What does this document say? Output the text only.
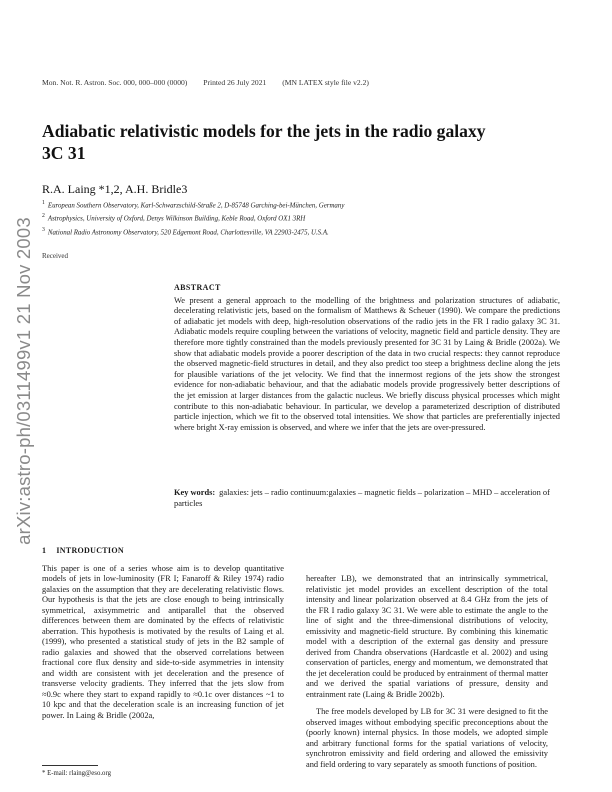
arXiv:astro-ph/0311499v1 21 Nov 2003
Mon. Not. R. Astron. Soc. 000, 000–000 (0000) Printed 26 July 2021 (MN LATEX style file v2.2)
Adiabatic relativistic models for the jets in the radio galaxy 3C 31
R.A. Laing *1,2, A.H. Bridle3
$^1$ European Southern Observatory, Karl-Schwarzschild-Straße 2, D-85748 Garching-bei-München, Germany
$^2$ Astrophysics, University of Oxford, Denys Wilkinson Building, Keble Road, Oxford OX1 3RH
$^3$ National Radio Astronomy Observatory, 520 Edgemont Road, Charlottesville, VA 22903-2475, U.S.A.
Received
ABSTRACT
We present a general approach to the modelling of the brightness and polarization structures of adiabatic, decelerating relativistic jets, based on the formalism of Matthews & Scheuer (1990). We compare the predictions of adiabatic jet models with deep, high-resolution observations of the radio jets in the FR I radio galaxy 3C 31. Adiabatic models require coupling between the variations of velocity, magnetic field and particle density. They are therefore more tightly constrained than the models previously presented for 3C 31 by Laing & Bridle (2002a). We show that adiabatic models provide a poorer description of the data in two crucial respects: they cannot reproduce the observed magnetic-field structures in detail, and they also predict too steep a brightness decline along the jets for plausible variations of the jet velocity. We find that the innermost regions of the jets show the strongest evidence for non-adiabatic behaviour, and that the adiabatic models provide progressively better descriptions of the jet emission at larger distances from the galactic nucleus. We briefly discuss physical processes which might contribute to this non-adiabatic behaviour. In particular, we develop a parameterized description of distributed particle injection, which we fit to the observed total intensities. We show that particles are preferentially injected where bright X-ray emission is observed, and where we infer that the jets are over-pressured.
Key words: galaxies: jets – radio continuum:galaxies – magnetic fields – polarization – MHD – acceleration of particles
1 INTRODUCTION

This paper is one of a series whose aim is to develop quantitative models of jets in low-luminosity (FR I; Fanaroff & Riley 1974) radio galaxies on the assumption that they are decelerating relativistic flows. Our hypothesis is that the jets are close enough to being intrinsically symmetrical, axisymmetric and antiparallel that the observed differences between them are dominated by the effects of relativistic aberration. This hypothesis is motivated by the results of Laing et al. (1999), who presented a statistical study of jets in the B2 sample of radio galaxies and showed that the observed correlations between fractional core flux density and side-to-side asymmetries in intensity and width are consistent with jet deceleration and the presence of transverse velocity gradients. They inferred that the jets slow from ≈0.9c where they start to expand rapidly to ≈0.1c over distances ~1 to 10 kpc and that the deceleration scale is an increasing function of jet power. In Laing & Bridle (2002a,

hereafter LB), we demonstrated that an intrinsically symmetrical, relativistic jet model provides an excellent description of the total intensity and linear polarization observed at 8.4 GHz from the jets of the FR I radio galaxy 3C 31. We were able to estimate the angle to the line of sight and the three-dimensional distributions of velocity, emissivity and magnetic-field structure. By combining this kinematic model with a description of the external gas density and pressure derived from Chandra observations (Hardcastle et al. 2002) and using conservation of particles, energy and momentum, we demonstrated that the jet deceleration could be produced by entrainment of thermal matter and we derived the spatial variations of pressure, density and entrainment rate (Laing & Bridle 2002b).

The free models developed by LB for 3C 31 were designed to fit the observed images without embodying specific preconceptions about the (poorly known) internal physics. In those models, we adopted simple and arbitrary functional forms for the spatial variations of velocity, synchrotron emissivity and field ordering and allowed the emissivity and field ordering to vary separately as smooth functions of position.

* E-mail: rlaing@eso.org
